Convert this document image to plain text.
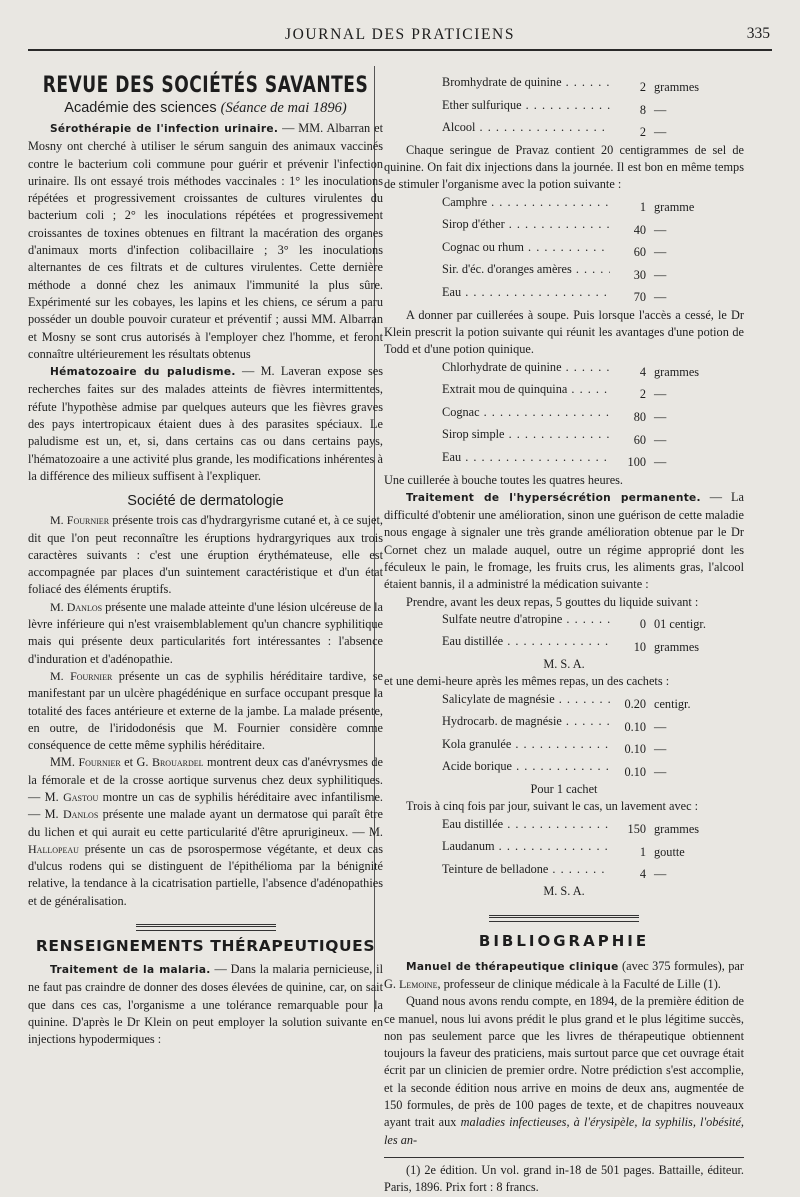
JOURNAL DES PRATICIENS	335
REVUE DES SOCIÉTÉS SAVANTES
Académie des sciences (Séance de mai 1896)

Sérothérapie de l'infection urinaire. — MM. Albarran et Mosny ont cherché à utiliser le sérum sanguin des animaux vaccinés contre le bacterium coli commune pour guérir et prévenir l'infection urinaire. Ils ont essayé trois méthodes vaccinales : 1° les inoculations répétées et progressivement croissantes de cultures virulentes du bacterium coli ; 2° les inoculations répétées et progressivement croissantes de toxines obtenues en filtrant la macération des organes d'animaux morts d'infection colibacillaire ; 3° les inoculations alternantes de ces filtrats et de cultures virulentes. Cette dernière méthode a donné chez les animaux l'immunité la plus sûre. Expérimenté sur les cobayes, les lapins et les chiens, ce sérum a paru posséder un double pouvoir curateur et préventif ; aussi MM. Albarran et Mosny se sont crus autorisés à l'employer chez l'homme, et feront connaître ultérieurement les résultats obtenus

Hématozoaire du paludisme. — M. Laveran expose ses recherches faites sur des malades atteints de fièvres intermittentes, réfute l'hypothèse admise par quelques auteurs que les fièvres graves des pays intertropicaux étaient dues à des parasites spéciaux. Le paludisme est un, et, si, dans certains cas ou dans certains pays, l'hématozoaire a une activité plus grande, les modifications inhérentes à la différence des milieux suffisent à l'expliquer.

Société de dermatologie

M. Fournier présente trois cas d'hydrargyrisme cutané et, à ce sujet, dit que l'on peut reconnaître les éruptions hydrargyriques aux trois caractères suivants : c'est une éruption érythémateuse, elle est accompagnée par places d'un suintement caractéristique et d'un état foliacé des éléments éruptifs.

M. Danlos présente une malade atteinte d'une lésion ulcéreuse de la lèvre inférieure qui n'est vraisemblablement qu'un chancre syphilitique mais qui présente deux particularités fort intéressantes : l'absence d'induration et d'adénopathie.

M. Fournier présente un cas de syphilis héréditaire tardive, se manifestant par un ulcère phagédénique en surface occupant presque la totalité des faces antérieure et externe de la jambe. La malade présente, en outre, de l'iridodonésis que M. Fournier considère comme conséquence de cette même syphilis héréditaire.

MM. Fournier et G. Brouardel montrent deux cas d'anévrysmes de la fémorale et de la crosse aortique survenus chez deux syphilitiques. — M. Gastou montre un cas de syphilis héréditaire avec infantilisme. — M. Danlos présente une malade ayant un dermatose qui paraît être du lichen et qui aurait eu cette particularité d'être aprurigineux. — M. Hallopeau présente un cas de psorospermose végétante, et deux cas d'ulcus rodens qui se distinguent de l'épithélioma par la bénignité relative, la tendance à la cicatrisation partielle, l'absence d'adénopathies et de généralisation.

RENSEIGNEMENTS THÉRAPEUTIQUES

Traitement de la malaria. — Dans la malaria pernicieuse, il ne faut pas craindre de donner des doses élevées de quinine, car, on sait que dans ces cas, l'organisme a une tolérance remarquable pour la quinine. D'après le Dr Klein on peut employer la solution suivante en injections hypodermiques :

Bromhydrate de quinine . . .	2 grammes
Ether sulfurique . . .	8 —
Alcool . . .	2 —

Chaque seringue de Pravaz contient 20 centigrammes de sel de quinine. On fait dix injections dans la journée. Il est bon en même temps de stimuler l'organisme avec la potion suivante :

Camphre . . .	1 gramme
Sirop d'éther . . .	40 —
Cognac ou rhum . . .	60 —
Sir. d'éc. d'oranges amères . . .	30 —
Eau . . .	70 —

A donner par cuillerées à soupe. Puis lorsque l'accès a cessé, le Dr Klein prescrit la potion suivante qui réunit les avantages d'une potion de Todd et d'une potion quinique.

Chlorhydrate de quinine . . .	4 grammes
Extrait mou de quinquina . . .	2 —
Cognac . . .	80 —
Sirop simple . . .	60 —
Eau . . .	100 —

Une cuillerée à bouche toutes les quatres heures.

Traitement de l'hypersécrétion permanente. — La difficulté d'obtenir une amélioration, sinon une guérison de cette maladie nous engage à signaler une très grande amélioration obtenue par le Dr Cornet chez un malade auquel, outre un régime approprié dont les féculeux le pain, le fromage, les fruits crus, les aliments gras, l'alcool étaient bannis, il a administré la médication suivante :

Prendre, avant les deux repas, 5 gouttes du liquide suivant :

Sulfate neutre d'atropine . . .	0 01 centigr.
Eau distillée . . .	10 grammes
M. S. A.

et une demi-heure après les mêmes repas, un des cachets :

Salicylate de magnésie . . .	0.20 centigr.
Hydrocarb. de magnésie . . .	0.10 —
Kola granulée . . .	0.10 —
Acide borique . . .	0.10 —
Pour 1 cachet

Trois à cinq fois par jour, suivant le cas, un lavement avec :

Eau distillée . . .	150 grammes
Laudanum . . .	1 goutte
Teinture de belladone . . .	4 —
M. S. A.
BIBLIOGRAPHIE

Manuel de thérapeutique clinique (avec 375 formules), par G. Lemoine, professeur de clinique médicale à la Faculté de Lille (1).

Quand nous avons rendu compte, en 1894, de la première édition de ce manuel, nous lui avons prédit le plus grand et le plus légitime succès, non pas seulement parce que les livres de thérapeutique obtiennent toujours la faveur des praticiens, mais surtout parce que cet ouvrage était écrit par un clinicien de premier ordre. Notre prédiction s'est accomplie, et la seconde édition nous arrive en moins de deux ans, augmentée de 150 formules, de près de 100 pages de texte, et de chapitres nouveaux ayant trait aux maladies infectieuses, à l'érysipèle, la syphilis, l'obésité, les an-

(1) 2e édition. Un vol. grand in-18 de 501 pages. Battaille, éditeur. Paris, 1896. Prix fort : 8 francs.
